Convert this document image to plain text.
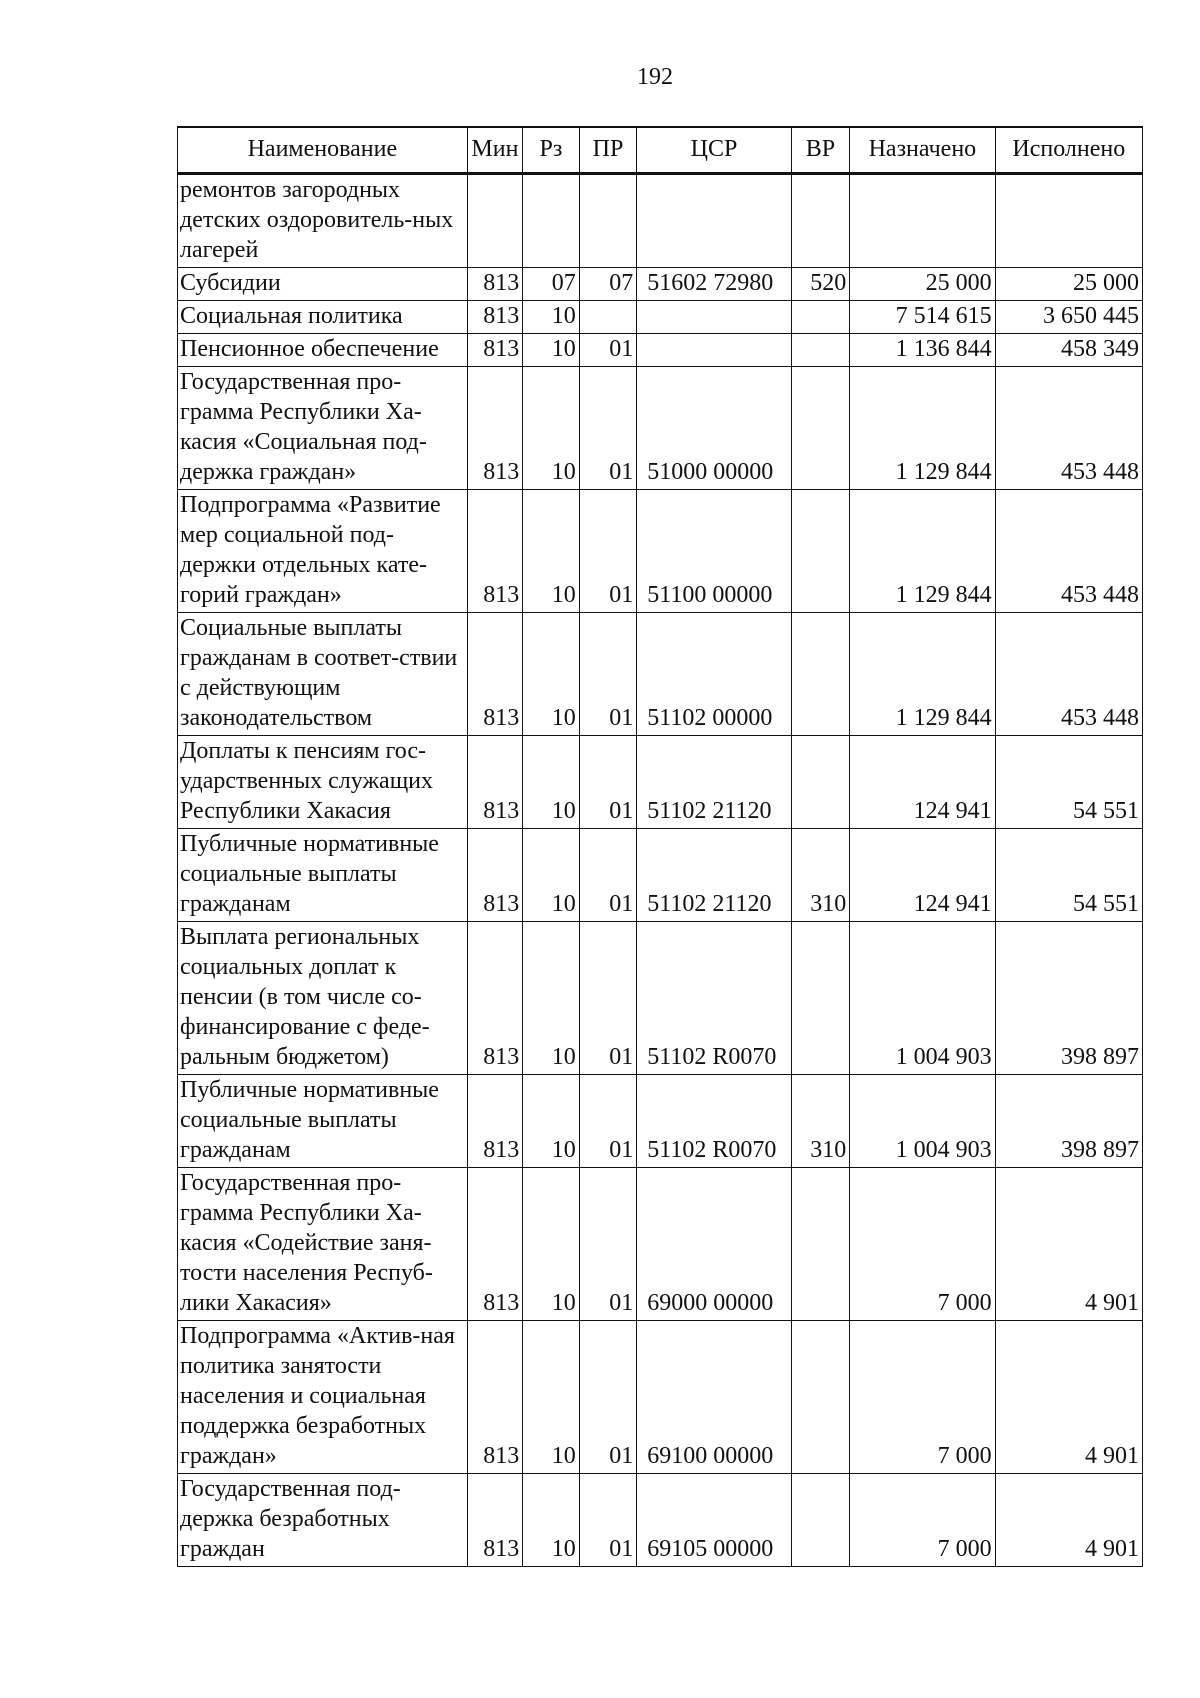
192
Наименование	Мин	Рз	ПР	ЦСР	ВР	Назначено	Исполнено
ремонтов загородных детских оздоровитель-ных лагерей							
Субсидии	813	07	07	51602 72980	520	25 000	25 000
Социальная политика	813	10				7 514 615	3 650 445
Пенсионное обеспечение	813	10	01			1 136 844	458 349
Государственная про-грамма Республики Ха-касия «Социальная под-держка граждан»	813	10	01	51000 00000		1 129 844	453 448
Подпрограмма «Развитие мер социальной под-держки отдельных кате-горий граждан»	813	10	01	51100 00000		1 129 844	453 448
Социальные выплаты гражданам в соответ-ствии с действующим законодательством	813	10	01	51102 00000		1 129 844	453 448
Доплаты к пенсиям гос-ударственных служащих Республики Хакасия	813	10	01	51102 21120		124 941	54 551
Публичные нормативные социальные выплаты гражданам	813	10	01	51102 21120	310	124 941	54 551
Выплата региональных социальных доплат к пенсии (в том числе со-финансирование с феде-ральным бюджетом)	813	10	01	51102 R0070		1 004 903	398 897
Публичные нормативные социальные выплаты гражданам	813	10	01	51102 R0070	310	1 004 903	398 897
Государственная про-грамма Республики Ха-касия «Содействие заня-тости населения Респуб-лики Хакасия»	813	10	01	69000 00000		7 000	4 901
Подпрограмма «Актив-ная политика занятости населения и социальная поддержка безработных граждан»	813	10	01	69100 00000		7 000	4 901
Государственная под-держка безработных граждан	813	10	01	69105 00000		7 000	4 901
